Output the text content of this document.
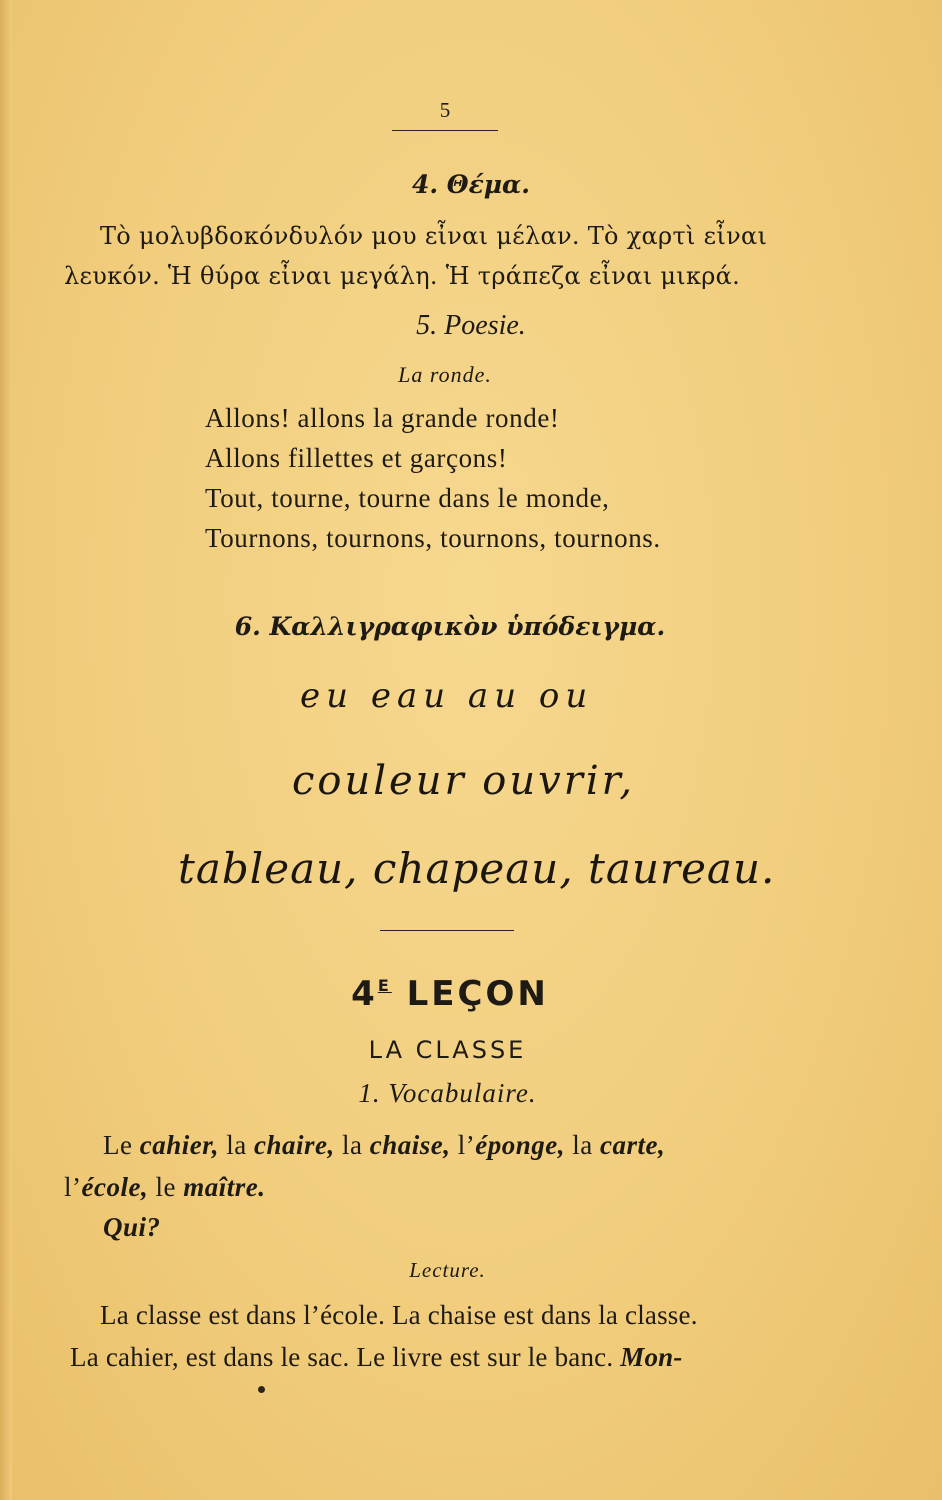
5
4. Θέμα.
Τὸ μολυβδοκόνδυλόν μου εἶναι μέλαν. Τὸ χαρτὶ εἶναι
λευκόν. Ἡ θύρα εἶναι μεγάλη. Ἡ τράπεζα εἶναι μικρά.
5. Poesie.
La ronde.
Allons! allons la grande ronde!
Allons fillettes et garçons!
Tout, tourne, tourne dans le monde,
Tournons, tournons, tournons, tournons.
6. Καλλιγραφικὸν ὑπόδειγμα.
eu eau au ou
couleur ouvrir,
tableau, chapeau, taureau.
$4^E$ LEÇON
LA CLASSE
1. Vocabulaire.
Le cahier, la chaire, la chaise, l’éponge, la carte,
l’école, le maître.
Qui?
Lecture.
La classe est dans l’école. La chaise est dans la classe.
La cahier, est dans le sac. Le livre est sur le banc. Mon-
